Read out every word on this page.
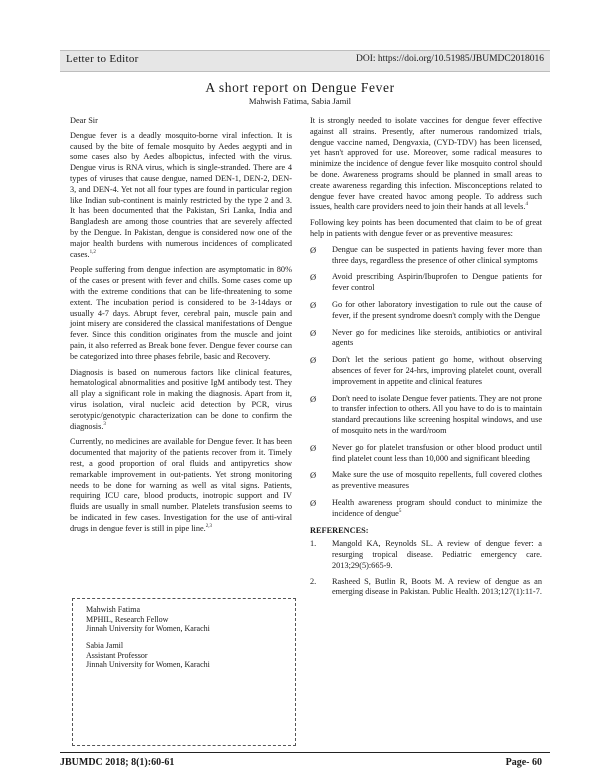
Letter to Editor	DOI: https://doi.org/10.51985/JBUMDC2018016
A short report on Dengue Fever
Mahwish Fatima, Sabia Jamil

Dear Sir

Dengue fever is a deadly mosquito-borne viral infection. It is caused by the bite of female mosquito by Aedes aegypti and in some cases also by Aedes albopictus, infected with the virus. Dengue virus is RNA virus, which is single-stranded. There are 4 types of viruses that cause dengue, named DEN-1, DEN-2, DEN-3, and DEN-4. Yet not all four types are found in particular region like Indian sub-continent is mainly restricted by the type 2 and 3. It has been documented that the Pakistan, Sri Lanka, India and Bangladesh are among those countries that are severely affected by the Dengue. In Pakistan, dengue is considered now one of the major health burdens with numerous incidences of complicated cases.$^{1,2}$

People suffering from dengue infection are asymptomatic in 80% of the cases or present with fever and chills. Some cases come up with the extreme conditions that can be life-threatening to some extent. The incubation period is considered to be 3-14days or usually 4-7 days. Abrupt fever, cerebral pain, muscle pain and joint misery are considered the classical manifestations of Dengue fever. Since this condition originates from the muscle and joint pain, it also referred as Break bone fever. Dengue fever course can be categorized into three phases febrile, basic and Recovery.

Diagnosis is based on numerous factors like clinical features, hematological abnormalities and positive IgM antibody test. They all play a significant role in making the diagnosis. Apart from it, virus isolation, viral nucleic acid detection by PCR, virus serotypic/genotypic characterization can be done to confirm the diagnosis.$^3$

Currently, no medicines are available for Dengue fever. It has been documented that majority of the patients recover from it. Timely rest, a good proportion of oral fluids and antipyretics show remarkable improvement in out-patients. Yet strong monitoring needs to be done for warning as well as vital signs. Patients, requiring ICU care, blood products, inotropic support and IV fluids are usually in small number. Platelets transfusion seems to be indicated in few cases. Investigation for the use of anti-viral drugs in dengue fever is still in pipe line.$^{2,3}$

Mahwish Fatima
MPHIL, Research Fellow
Jinnah University for Women, Karachi
Sabia Jamil
Assistant Professor
Jinnah University for Women, Karachi

It is strongly needed to isolate vaccines for dengue fever effective against all strains. Presently, after numerous randomized trials, dengue vaccine named, Dengvaxia, (CYD-TDV) has been licensed, yet hasn't approved for use. Moreover, some radical measures to minimize the incidence of dengue fever like mosquito control should be done. Awareness programs should be planned in small areas to create awareness regarding this infection. Misconceptions related to dengue fever have created havoc among people. To address such issues, health care providers need to join their hands at all levels.$^4$

Following key points has been documented that claim to be of great help in patients with dengue fever or as preventive measures:

Ø Dengue can be suspected in patients having fever more than three days, regardless the presence of other clinical symptoms
Ø Avoid prescribing Aspirin/Ibuprofen to Dengue patients for fever control
Ø Go for other laboratory investigation to rule out the cause of fever, if the present syndrome doesn't comply with the Dengue
Ø Never go for medicines like steroids, antibiotics or antiviral agents
Ø Don't let the serious patient go home, without observing absences of fever for 24-hrs, improving platelet count, overall improvement in appetite and clinical features
Ø Don't need to isolate Dengue fever patients. They are not prone to transfer infection to others. All you have to do is to maintain standard precautions like screening hospital windows, and use of mosquito nets in the ward/room
Ø Never go for platelet transfusion or other blood product until find platelet count less than 10,000 and significant bleeding
Ø Make sure the use of mosquito repellents, full covered clothes as preventive measures
Ø Health awareness program should conduct to minimize the incidence of dengue$^5$

REFERENCES:

1. Mangold KA, Reynolds SL. A review of dengue fever: a resurging tropical disease. Pediatric emergency care. 2013;29(5):665-9.
2. Rasheed S, Butlin R, Boots M. A review of dengue as an emerging disease in Pakistan. Public Health. 2013;127(1):11-7.
JBUMDC 2018; 8(1):60-61	Page- 60
